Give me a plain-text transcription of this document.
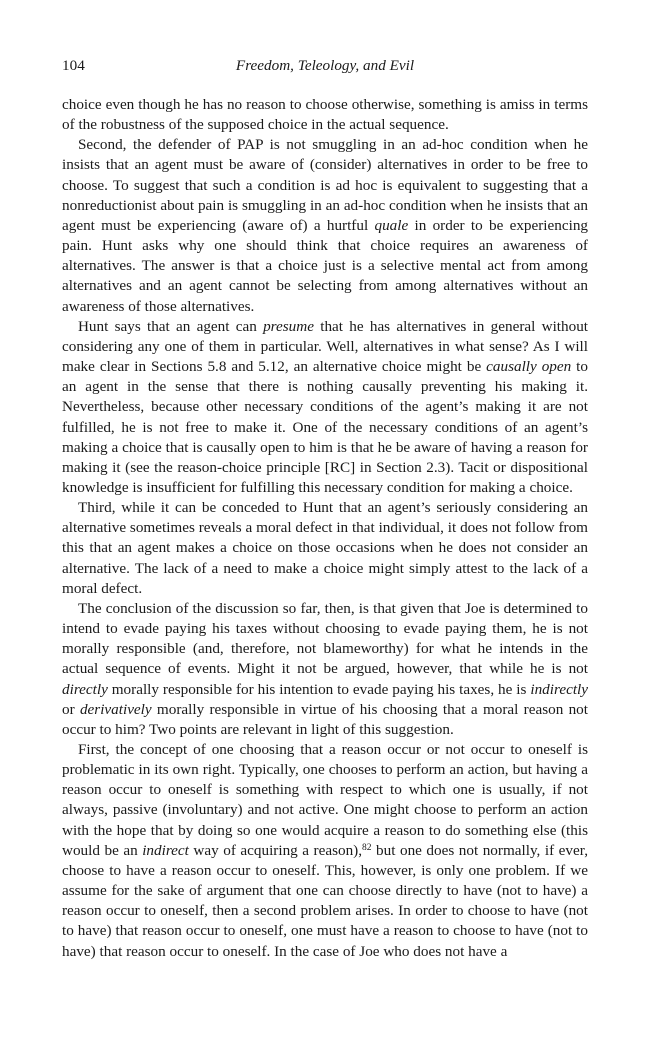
104	Freedom, Teleology, and Evil

choice even though he has no reason to choose otherwise, something is amiss in terms of the robustness of the supposed choice in the actual sequence.

Second, the defender of PAP is not smuggling in an ad-hoc condition when he insists that an agent must be aware of (consider) alternatives in order to be free to choose. To suggest that such a condition is ad hoc is equivalent to suggesting that a nonreductionist about pain is smuggling in an ad-hoc condition when he insists that an agent must be experiencing (aware of) a hurtful quale in order to be experiencing pain. Hunt asks why one should think that choice requires an awareness of alternatives. The answer is that a choice just is a selective mental act from among alternatives and an agent cannot be selecting from among alternatives without an awareness of those alternatives.

Hunt says that an agent can presume that he has alternatives in general without considering any one of them in particular. Well, alternatives in what sense? As I will make clear in Sections 5.8 and 5.12, an alternative choice might be causally open to an agent in the sense that there is nothing causally preventing his making it. Nevertheless, because other necessary conditions of the agent’s making it are not fulfilled, he is not free to make it. One of the necessary conditions of an agent’s making a choice that is causally open to him is that he be aware of having a reason for making it (see the reason-choice principle [RC] in Section 2.3). Tacit or dispositional knowledge is insufficient for fulfilling this necessary condition for making a choice.

Third, while it can be conceded to Hunt that an agent’s seriously considering an alternative sometimes reveals a moral defect in that individual, it does not follow from this that an agent makes a choice on those occasions when he does not consider an alternative. The lack of a need to make a choice might simply attest to the lack of a moral defect.

The conclusion of the discussion so far, then, is that given that Joe is determined to intend to evade paying his taxes without choosing to evade paying them, he is not morally responsible (and, therefore, not blameworthy) for what he intends in the actual sequence of events. Might it not be argued, however, that while he is not directly morally responsible for his intention to evade paying his taxes, he is indirectly or derivatively morally responsible in virtue of his choosing that a moral reason not occur to him? Two points are relevant in light of this suggestion.

First, the concept of one choosing that a reason occur or not occur to oneself is problematic in its own right. Typically, one chooses to perform an action, but having a reason occur to oneself is something with respect to which one is usually, if not always, passive (involuntary) and not active. One might choose to perform an action with the hope that by doing so one would acquire a reason to do something else (this would be an indirect way of acquiring a reason),$^{82}$ but one does not normally, if ever, choose to have a reason occur to oneself. This, however, is only one problem. If we assume for the sake of argument that one can choose directly to have (not to have) a reason occur to oneself, then a second problem arises. In order to choose to have (not to have) that reason occur to oneself, one must have a reason to choose to have (not to have) that reason occur to oneself. In the case of Joe who does not have a
